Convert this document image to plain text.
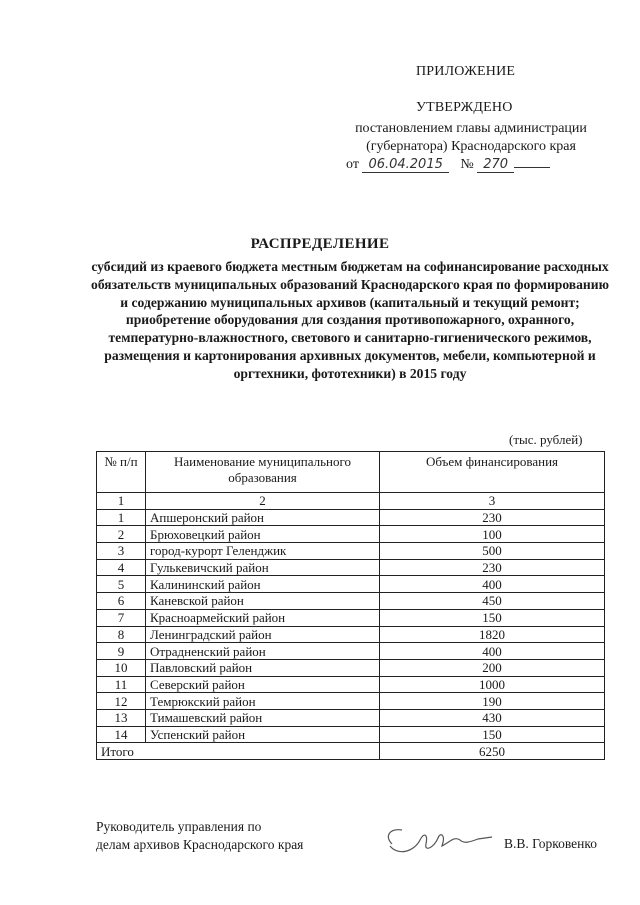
ПРИЛОЖЕНИЕ
УТВЕРЖДЕНО
постановлением главы администрации
(губернатора) Краснодарского края
от 06.04.2015 № 270
РАСПРЕДЕЛЕНИЕ
субсидий из краевого бюджета местным бюджетам на софинансирование расходных обязательств муниципальных образований Краснодарского края по формированию и содержанию муниципальных архивов (капитальный и текущий ремонт; приобретение оборудования для создания противопожарного, охранного, температурно-влажностного, светового и санитарно-гигиенического режимов, размещения и картонирования архивных документов, мебели, компьютерной и оргтехники, фототехники) в 2015 году
(тыс. рублей)
№ п/п	Наименование муниципального образования	Объем финансирования
1	2	3
1	Апшеронский район	230
2	Брюховецкий район	100
3	город-курорт Геленджик	500
4	Гулькевичский район	230
5	Калининский район	400
6	Каневской район	450
7	Красноармейский район	150
8	Ленинградский район	1820
9	Отрадненский район	400
10	Павловский район	200
11	Северский район	1000
12	Темрюкский район	190
13	Тимашевский район	430
14	Успенский район	150
Итого		6250
Руководитель управления по
делам архивов Краснодарского края	В.В. Горковенко
